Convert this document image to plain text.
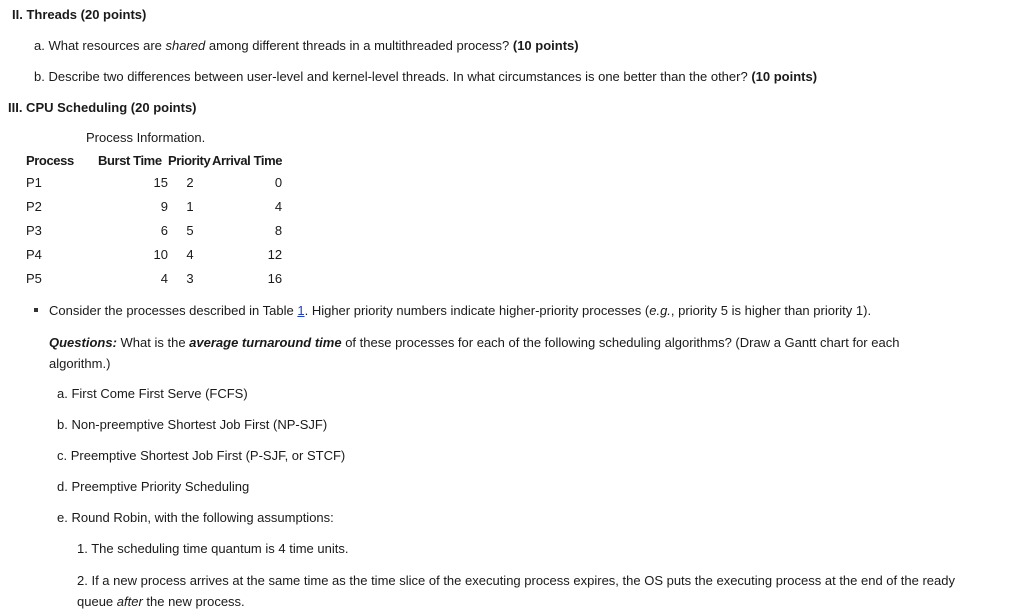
II. Threads (20 points)
a. What resources are shared among different threads in a multithreaded process? (10 points)
b. Describe two differences between user-level and kernel-level threads. In what circumstances is one better than the other? (10 points)
III. CPU Scheduling (20 points)
Process Information.
Process	Burst Time	Priority	Arrival Time
P1	15	2	0
P2	9	1	4
P3	6	5	8
P4	10	4	12
P5	4	3	16
Consider the processes described in Table 1. Higher priority numbers indicate higher-priority processes (e.g., priority 5 is higher than priority 1).
Questions: What is the average turnaround time of these processes for each of the following scheduling algorithms? (Draw a Gantt chart for each algorithm.)
a. First Come First Serve (FCFS)
b. Non-preemptive Shortest Job First (NP-SJF)
c. Preemptive Shortest Job First (P-SJF, or STCF)
d. Preemptive Priority Scheduling
e. Round Robin, with the following assumptions:
1. The scheduling time quantum is 4 time units.
2. If a new process arrives at the same time as the time slice of the executing process expires, the OS puts the executing process at the end of the ready queue after the new process.
